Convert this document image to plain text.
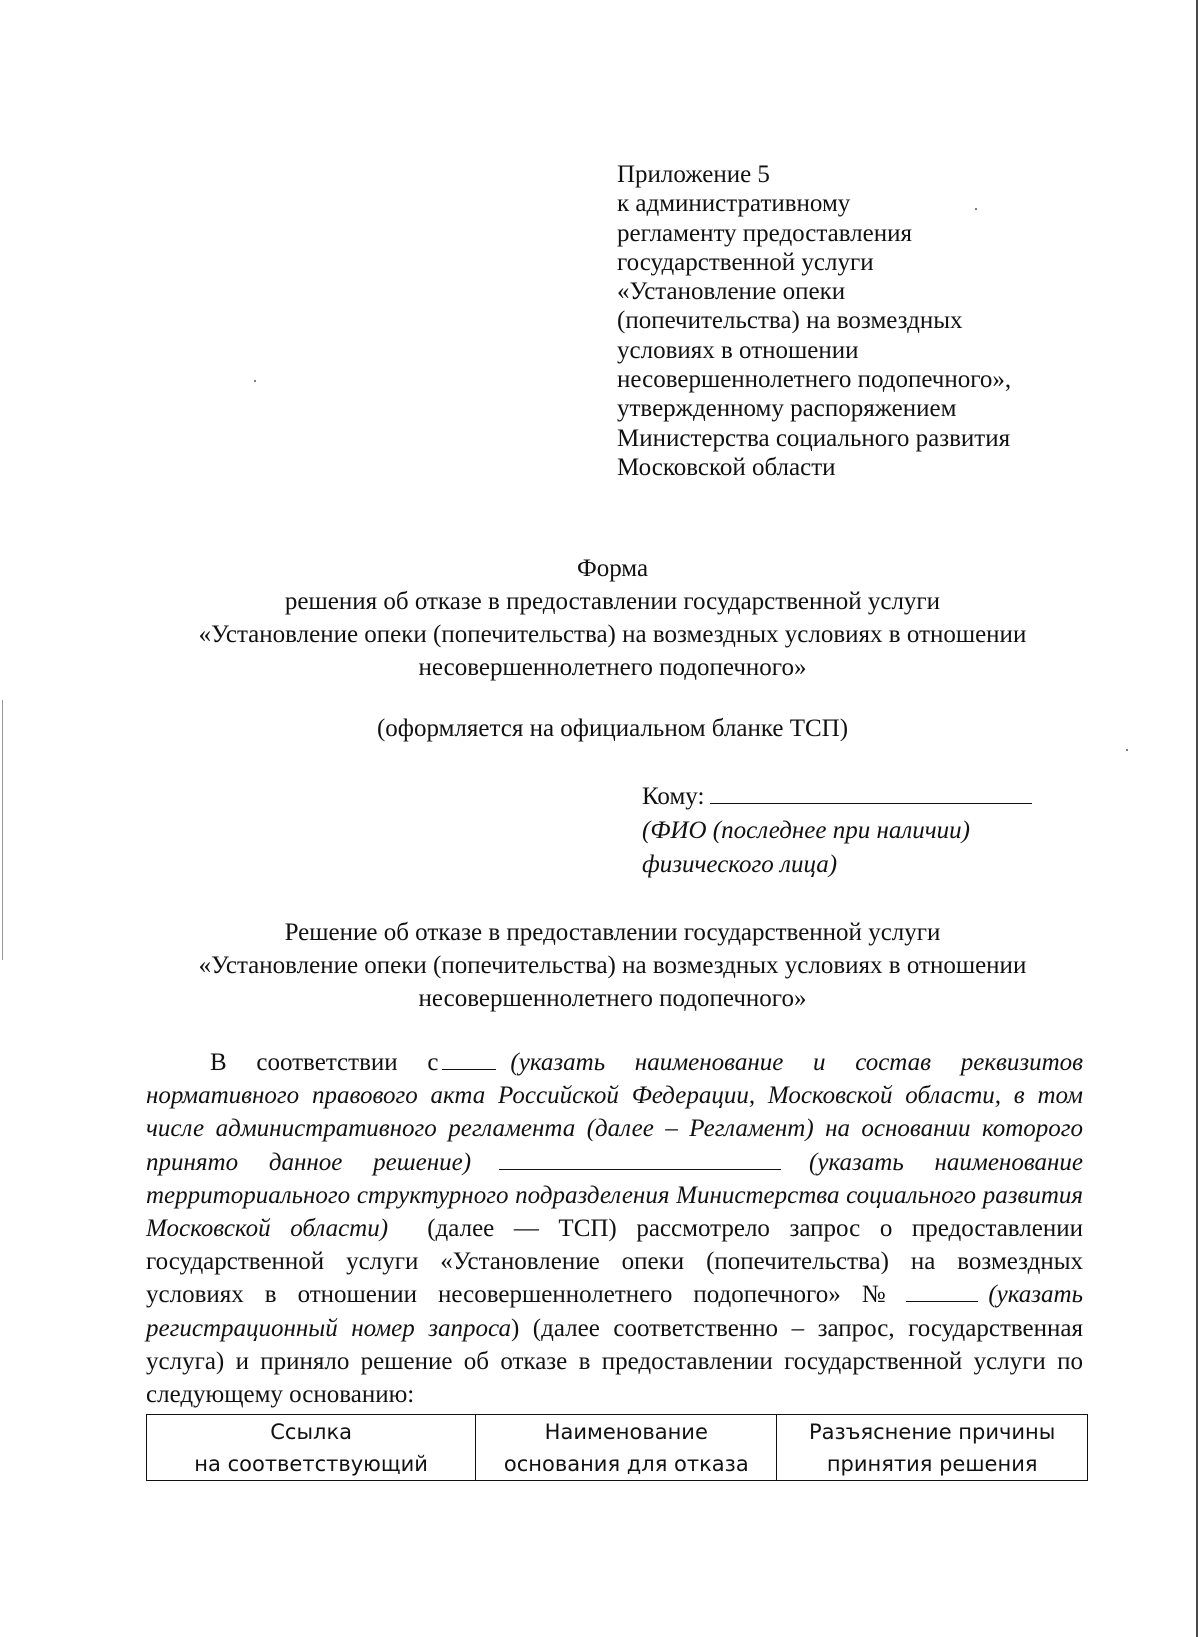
Приложение 5
к административному
регламенту предоставления
государственной услуги
«Установление опеки
(попечительства) на возмездных
условиях в отношении
несовершеннолетнего подопечного»,
утвержденному распоряжением
Министерства социального развития
Московской области
Форма
решения об отказе в предоставлении государственной услуги
«Установление опеки (попечительства) на возмездных условиях в отношении
несовершеннолетнего подопечного»
(оформляется на официальном бланке ТСП)
Кому:
(ФИО (последнее при наличии)
физического лица)
Решение об отказе в предоставлении государственной услуги
«Установление опеки (попечительства) на возмездных условиях в отношении
несовершеннолетнего подопечного»
В соответствии с	(указать наименование и состав реквизитов нормативного правового акта Российской Федерации, Московской области, в том числе административного регламента (далее – Регламент) на основании которого принято данное решение)	(указать наименование территориального структурного подразделения Министерства социального развития Московской области) (далее — ТСП) рассмотрело запрос о предоставлении государственной услуги «Установление опеки (попечительства) на возмездных условиях в отношении несовершеннолетнего подопечного» №	(указать регистрационный номер запроса) (далее соответственно – запрос, государственная услуга) и приняло решение об отказе в предоставлении государственной услуги по следующему основанию:
Ссылка
на соответствующий

Наименование
основания для отказа

Разъяснение причины
принятия решения
